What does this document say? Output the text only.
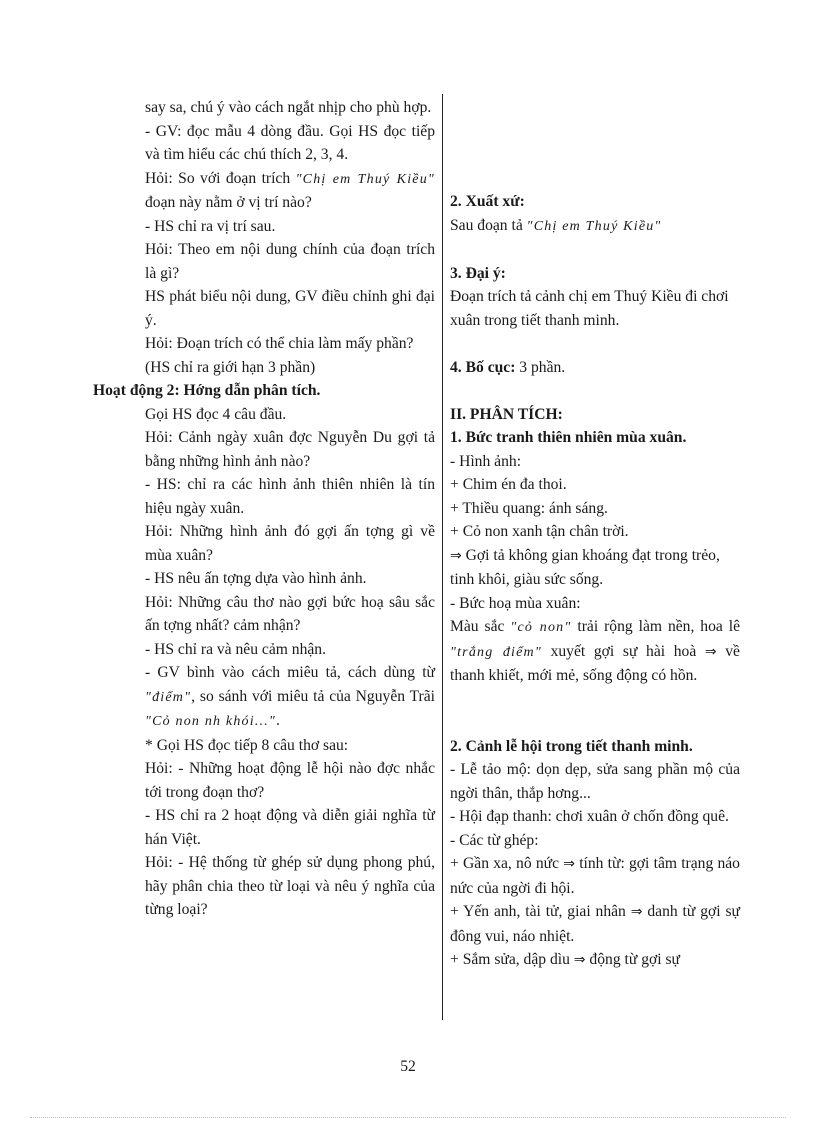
say sa, chú ý vào cách ngắt nhịp cho phù hợp.

- GV: đọc mẫu 4 dòng đầu. Gọi HS đọc tiếp và tìm hiểu các chú thích 2, 3, 4.

Hỏi: So với đoạn trích "Chị em Thuý Kiều" đoạn này nằm ở vị trí nào?

- HS chỉ ra vị trí sau.

Hỏi: Theo em nội dung chính của đoạn trích là gì?

HS phát biểu nội dung, GV điều chỉnh ghi đại ý.

Hỏi: Đoạn trích có thể chia làm mấy phần? (HS chỉ ra giới hạn 3 phần)

Hoạt động 2: Hớng dẫn phân tích.

Gọi HS đọc 4 câu đầu.

Hỏi: Cảnh ngày xuân đợc Nguyễn Du gợi tả bằng những hình ảnh nào?

- HS: chỉ ra các hình ảnh thiên nhiên là tín hiệu ngày xuân.

Hỏi: Những hình ảnh đó gợi ấn tợng gì về mùa xuân?

- HS nêu ấn tợng dựa vào hình ảnh.

Hỏi: Những câu thơ nào gợi bức hoạ sâu sắc ấn tợng nhất? cảm nhận?

- HS chỉ ra và nêu cảm nhận.

- GV bình vào cách miêu tả, cách dùng từ "điểm", so sánh với miêu tả của Nguyễn Trãi "Cỏ non nh khói...".

* Gọi HS đọc tiếp 8 câu thơ sau:

Hỏi: - Những hoạt động lễ hội nào đợc nhắc tới trong đoạn thơ?

- HS chỉ ra 2 hoạt động và diễn giải nghĩa từ hán Việt.

Hỏi: - Hệ thống từ ghép sử dụng phong phú, hãy phân chia theo từ loại và nêu ý nghĩa của từng loại?

2. Xuất xứ:

Sau đoạn tả "Chị em Thuý Kiều"

3. Đại ý:

Đoạn trích tả cảnh chị em Thuý Kiều đi chơi xuân trong tiết thanh minh.

4. Bố cục: 3 phần.

II. PHÂN TÍCH:

1. Bức tranh thiên nhiên mùa xuân.

- Hình ảnh:

+ Chim én đa thoi.

+ Thiều quang: ánh sáng.

+ Cỏ non xanh tận chân trời.

⇒ Gợi tả không gian khoáng đạt trong trẻo, tinh khôi, giàu sức sống.

- Bức hoạ mùa xuân:

Màu sắc "cỏ non" trải rộng làm nền, hoa lê "trắng điểm" xuyết gợi sự hài hoà ⇒ về thanh khiết, mới mẻ, sống động có hồn.

2. Cảnh lễ hội trong tiết thanh minh.

- Lễ tảo mộ: dọn dẹp, sửa sang phần mộ của ngời thân, thắp hơng...

- Hội đạp thanh: chơi xuân ở chốn đồng quê.

- Các từ ghép:

+ Gần xa, nô nức ⇒ tính từ: gợi tâm trạng náo nức của ngời đi hội.

+ Yến anh, tài tử, giai nhân ⇒ danh từ gợi sự đông vui, náo nhiệt.

+ Sắm sửa, dập dìu ⇒ động từ gợi sự

52
